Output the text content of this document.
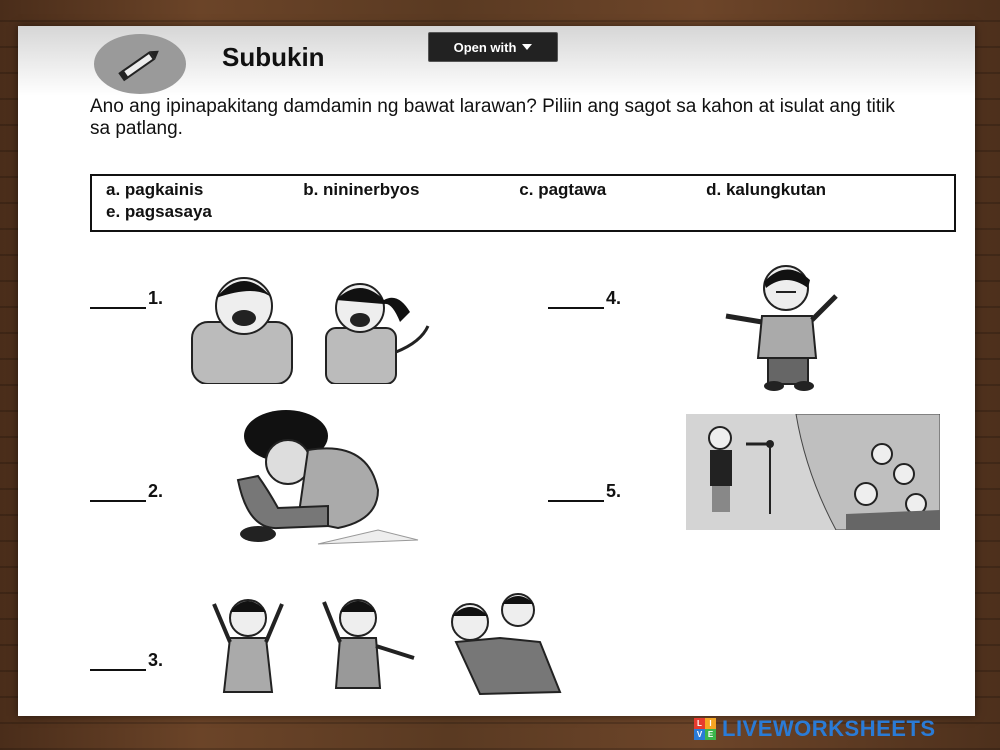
Subukin	Open with
Ano ang ipinapakitang damdamin ng bawat larawan? Piliin ang sagot sa kahon at isulat ang titik sa patlang.
a. pagkainis	b. nininerbyos	c. pagtawa	d. kalungkutan
e. pagsasaya
1.
2.
3.
4.
5.
L I
V E LIVEWORKSHEETS
